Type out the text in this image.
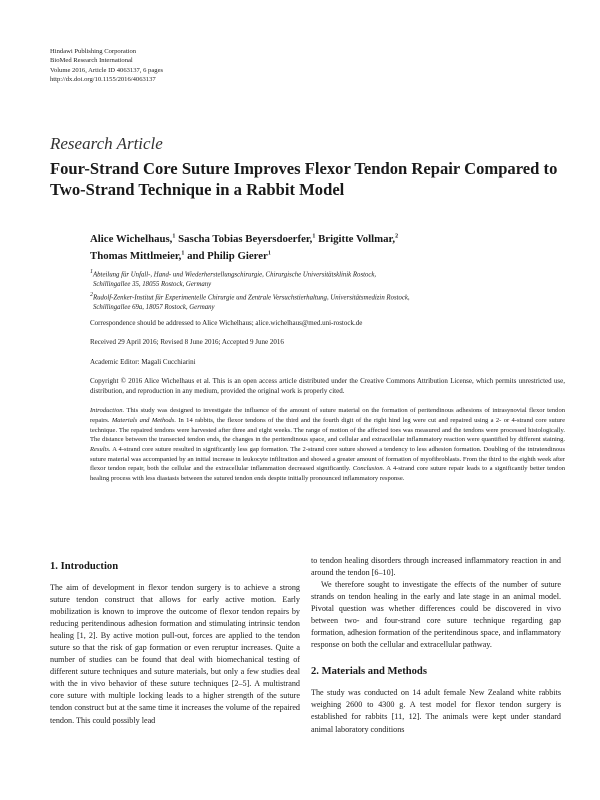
Hindawi Publishing Corporation
BioMed Research International
Volume 2016, Article ID 4063137, 6 pages
http://dx.doi.org/10.1155/2016/4063137
Research Article
Four-Strand Core Suture Improves Flexor Tendon Repair Compared to Two-Strand Technique in a Rabbit Model
Alice Wichelhaus,$^1$ Sascha Tobias Beyersdoerfer,$^1$ Brigitte Vollmar,$^2$
Thomas Mittlmeier,$^1$ and Philip Gierer$^1$
$^1$Abteilung für Unfall-, Hand- und Wiederherstellungschirurgie, Chirurgische Universitätsklinik Rostock,
Schillingallee 35, 18055 Rostock, Germany
$^2$Rudolf-Zenker-Institut für Experimentelle Chirurgie und Zentrale Versuchstierhaltung, Universitätsmedizin Rostock,
Schillingallee 69a, 18057 Rostock, Germany
Correspondence should be addressed to Alice Wichelhaus; alice.wichelhaus@med.uni-rostock.de
Received 29 April 2016; Revised 8 June 2016; Accepted 9 June 2016
Academic Editor: Magali Cucchiarini
Copyright © 2016 Alice Wichelhaus et al. This is an open access article distributed under the Creative Commons Attribution License, which permits unrestricted use, distribution, and reproduction in any medium, provided the original work is properly cited.
Introduction. This study was designed to investigate the influence of the amount of suture material on the formation of peritendinous adhesions of intrasynovial flexor tendon repairs. Materials and Methods. In 14 rabbits, the flexor tendons of the third and the fourth digit of the right hind leg were cut and repaired using a 2- or 4-strand core suture technique. The repaired tendons were harvested after three and eight weeks. The range of motion of the affected toes was measured and the tendons were processed histologically. The distance between the transected tendon ends, the changes in the peritendinous space, and cellular and extracellular inflammatory reaction were quantified by different staining. Results. A 4-strand core suture resulted in significantly less gap formation. The 2-strand core suture showed a tendency to less adhesion formation. Doubling of the intratendinous suture material was accompanied by an initial increase in leukocyte infiltration and showed a greater amount of formation of myofibroblasts. From the third to the eighth week after flexor tendon repair, both the cellular and the extracellular inflammation decreased significantly. Conclusion. A 4-strand core suture repair leads to a significantly better tendon healing process with less diastasis between the sutured tendon ends despite initially pronounced inflammatory response.
1. Introduction

The aim of development in flexor tendon surgery is to achieve a strong suture tendon construct that allows for early active motion. Early mobilization is known to improve the outcome of flexor tendon repairs by reducing peritendinous adhesion formation and stimulating intrinsic tendon healing [1, 2]. By active motion pull-out, forces are applied to the tendon suture so that the risk of gap formation or even reruptur increases. Quite a number of studies can be found that deal with biomechanical testing of different suture techniques and suture materials, but only a few studies deal with the in vivo behavior of these suture techniques [2–5]. A multistrand core suture with multiple locking leads to a higher strength of the suture tendon construct but at the same time it increases the volume of the repaired tendon. This could possibly lead

to tendon healing disorders through increased inflammatory reaction in and around the tendon [6–10].

We therefore sought to investigate the effects of the number of suture strands on tendon healing in the early and late stage in an animal model. Pivotal question was whether differences could be discovered in vivo between two- and four-strand core suture technique regarding gap formation, adhesion formation of the peritendinous space, and inflammatory response on both the cellular and extracellular pathway.

2. Materials and Methods

The study was conducted on 14 adult female New Zealand white rabbits weighing 2600 to 4300 g. A test model for flexor tendon surgery is established for rabbits [11, 12]. The animals were kept under standard animal laboratory conditions
